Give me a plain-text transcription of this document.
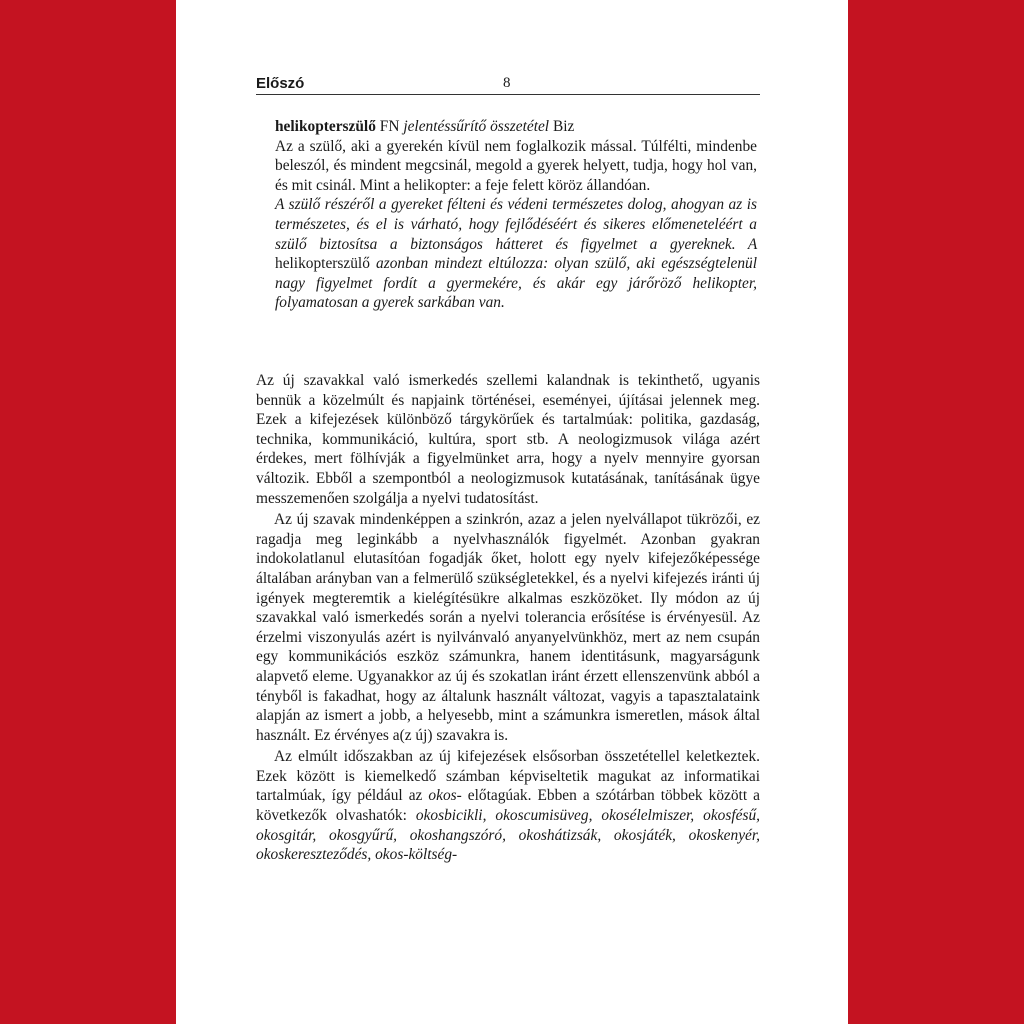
Előszó	8

helikopterszülő FN jelentéssűrítő összetétel Biz
Az a szülő, aki a gyerekén kívül nem foglalkozik mással. Túlfélti, mindenbe beleszól, és mindent megcsinál, megold a gyerek helyett, tudja, hogy hol van, és mit csinál. Mint a helikopter: a feje felett köröz állandóan.

A szülő részéről a gyereket félteni és védeni természetes dolog, ahogyan az is természetes, és el is várható, hogy fejlődéséért és sikeres előmeneteléért a szülő biztosítsa a biztonságos hátteret és figyelmet a gyereknek. A helikopterszülő azonban mindezt eltúlozza: olyan szülő, aki egészségtelenül nagy figyelmet fordít a gyermekére, és akár egy járőröző helikopter, folyamatosan a gyerek sarkában van.

Az új szavakkal való ismerkedés szellemi kalandnak is tekinthető, ugyanis bennük a közelmúlt és napjaink történései, eseményei, újításai jelennek meg. Ezek a kifejezések különböző tárgykörűek és tartalmúak: politika, gazdaság, technika, kommunikáció, kultúra, sport stb. A neologizmusok világa azért érdekes, mert fölhívják a figyelmünket arra, hogy a nyelv mennyire gyorsan változik. Ebből a szempontból a neologizmusok kutatásának, tanításának ügye messzemenően szolgálja a nyelvi tudatosítást.

Az új szavak mindenképpen a szinkrón, azaz a jelen nyelvállapot tükrözői, ez ragadja meg leginkább a nyelvhasználók figyelmét. Azonban gyakran indokolatlanul elutasítóan fogadják őket, holott egy nyelv kifejezőképessége általában arányban van a felmerülő szükségletekkel, és a nyelvi kifejezés iránti új igények megteremtik a kielégítésükre alkalmas eszközöket. Ily módon az új szavakkal való ismerkedés során a nyelvi tolerancia erősítése is érvényesül. Az érzelmi viszonyulás azért is nyilvánvaló anyanyelvünkhöz, mert az nem csupán egy kommunikációs eszköz számunkra, hanem identitásunk, magyarságunk alapvető eleme. Ugyanakkor az új és szokatlan iránt érzett ellenszenvünk abból a tényből is fakadhat, hogy az általunk használt változat, vagyis a tapasztalataink alapján az ismert a jobb, a helyesebb, mint a számunkra ismeretlen, mások által használt. Ez érvényes a(z új) szavakra is.

Az elmúlt időszakban az új kifejezések elsősorban összetétellel keletkeztek. Ezek között is kiemelkedő számban képviseltetik magukat az informatikai tartalmúak, így például az okos- előtagúak. Ebben a szótárban többek között a következők olvashatók: okosbicikli, okoscumisüveg, okosélelmiszer, okosfésű, okosgitár, okosgyűrű, okoshangszóró, okoshátizsák, okosjáték, okoskenyér, okoskereszteződés, okos-költség-
